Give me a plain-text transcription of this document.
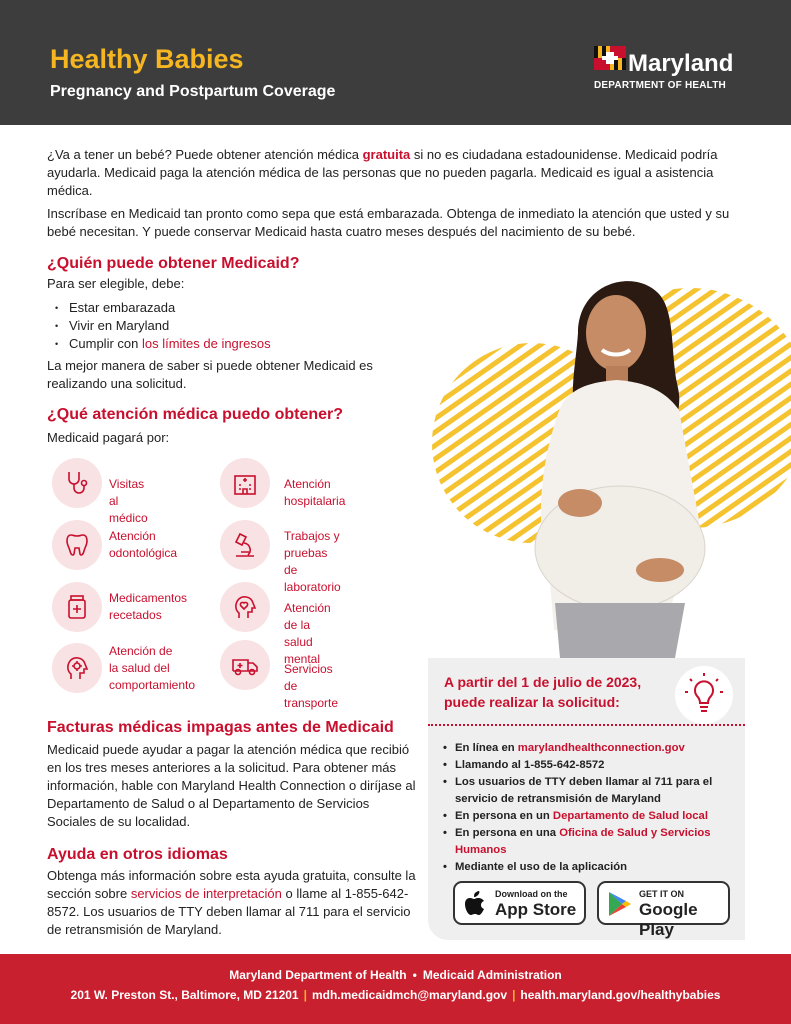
Healthy Babies
Pregnancy and Postpartum Coverage
Maryland
DEPARTMENT OF HEALTH
¿Va a tener un bebé? Puede obtener atención médica gratuita si no es ciudadana estadounidense. Medicaid podría ayudarla. Medicaid paga la atención médica de las personas que no pueden pagarla. Medicaid es igual a asistencia médica.
Inscríbase en Medicaid tan pronto como sepa que está embarazada. Obtenga de inmediato la atención que usted y su bebé necesitan. Y puede conservar Medicaid hasta cuatro meses después del nacimiento de su bebé.
¿Quién puede obtener Medicaid?
Para ser elegible, debe:
• Estar embarazada
• Vivir en Maryland
• Cumplir con los límites de ingresos
La mejor manera de saber si puede obtener Medicaid es realizando una solicitud.
¿Qué atención médica puedo obtener?
Medicaid pagará por:
Visitas al médico
Atención hospitalaria
Atención
odontológica
Trabajos y pruebas
de laboratorio
Medicamentos
recetados	Atención de la salud mental
Atención de
la salud del
comportamiento
Servicios de transporte
Facturas médicas impagas antes de Medicaid
Medicaid puede ayudar a pagar la atención médica que recibió en los tres meses anteriores a la solicitud. Para obtener más información, hable con Maryland Health Connection o diríjase al Departamento de Salud o al Departamento de Servicios Sociales de su localidad.
Ayuda en otros idiomas
Obtenga más información sobre esta ayuda gratuita, consulte la sección sobre servicios de interpretación o llame al 1-855-642-8572. Los usuarios de TTY deben llamar al 711 para el servicio de retransmisión de Maryland.
A partir del 1 de julio de 2023,
puede realizar la solicitud:
• En línea en marylandhealthconnection.gov
• Llamando al 1-855-642-8572
• Los usuarios de TTY deben llamar al 711 para el servicio de retransmisión de Maryland
• En persona en un Departamento de Salud local
• En persona en una Oficina de Salud y Servicios Humanos
• Mediante el uso de la aplicación
Download on the
App Store
GET IT ON
Google Play
Maryland Department of Health • Medicaid Administration
201 W. Preston St., Baltimore, MD 21201 | mdh.medicaidmch@maryland.gov | health.maryland.gov/healthybabies
